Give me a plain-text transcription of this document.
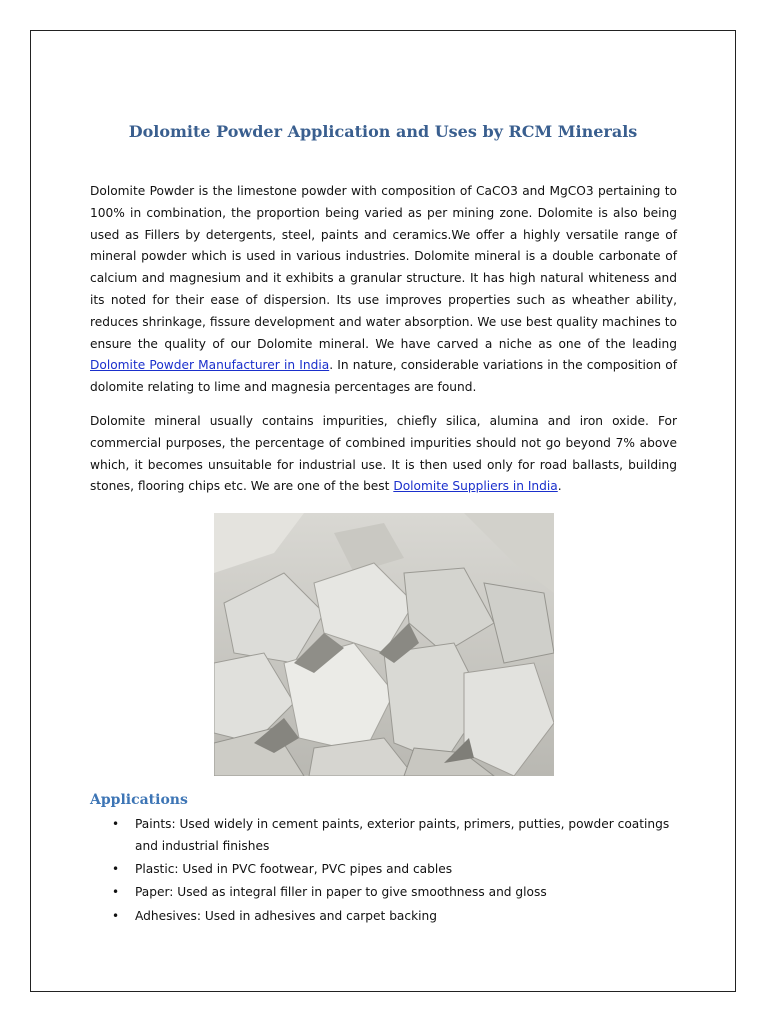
Dolomite Powder Application and Uses by RCM Minerals

Dolomite Powder is the limestone powder with composition of CaCO3 and MgCO3 pertaining to 100% in combination, the proportion being varied as per mining zone. Dolomite is also being used as Fillers by detergents, steel, paints and ceramics.We offer a highly versatile range of mineral powder which is used in various industries. Dolomite mineral is a double carbonate of calcium and magnesium and it exhibits a granular structure. It has high natural whiteness and its noted for their ease of dispersion. Its use improves properties such as wheather ability, reduces shrinkage, fissure development and water absorption. We use best quality machines to ensure the quality of our Dolomite mineral. We have carved a niche as one of the leading Dolomite Powder Manufacturer in India. In nature, considerable variations in the composition of dolomite relating to lime and magnesia percentages are found.

Dolomite mineral usually contains impurities, chiefly silica, alumina and iron oxide. For commercial purposes, the percentage of combined impurities should not go beyond 7% above which, it becomes unsuitable for industrial use. It is then used only for road ballasts, building stones, flooring chips etc. We are one of the best Dolomite Suppliers in India.

Applications
• Paints: Used widely in cement paints, exterior paints, primers, putties, powder coatings and industrial finishes
• Plastic: Used in PVC footwear, PVC pipes and cables
• Paper: Used as integral filler in paper to give smoothness and gloss
• Adhesives: Used in adhesives and carpet backing
